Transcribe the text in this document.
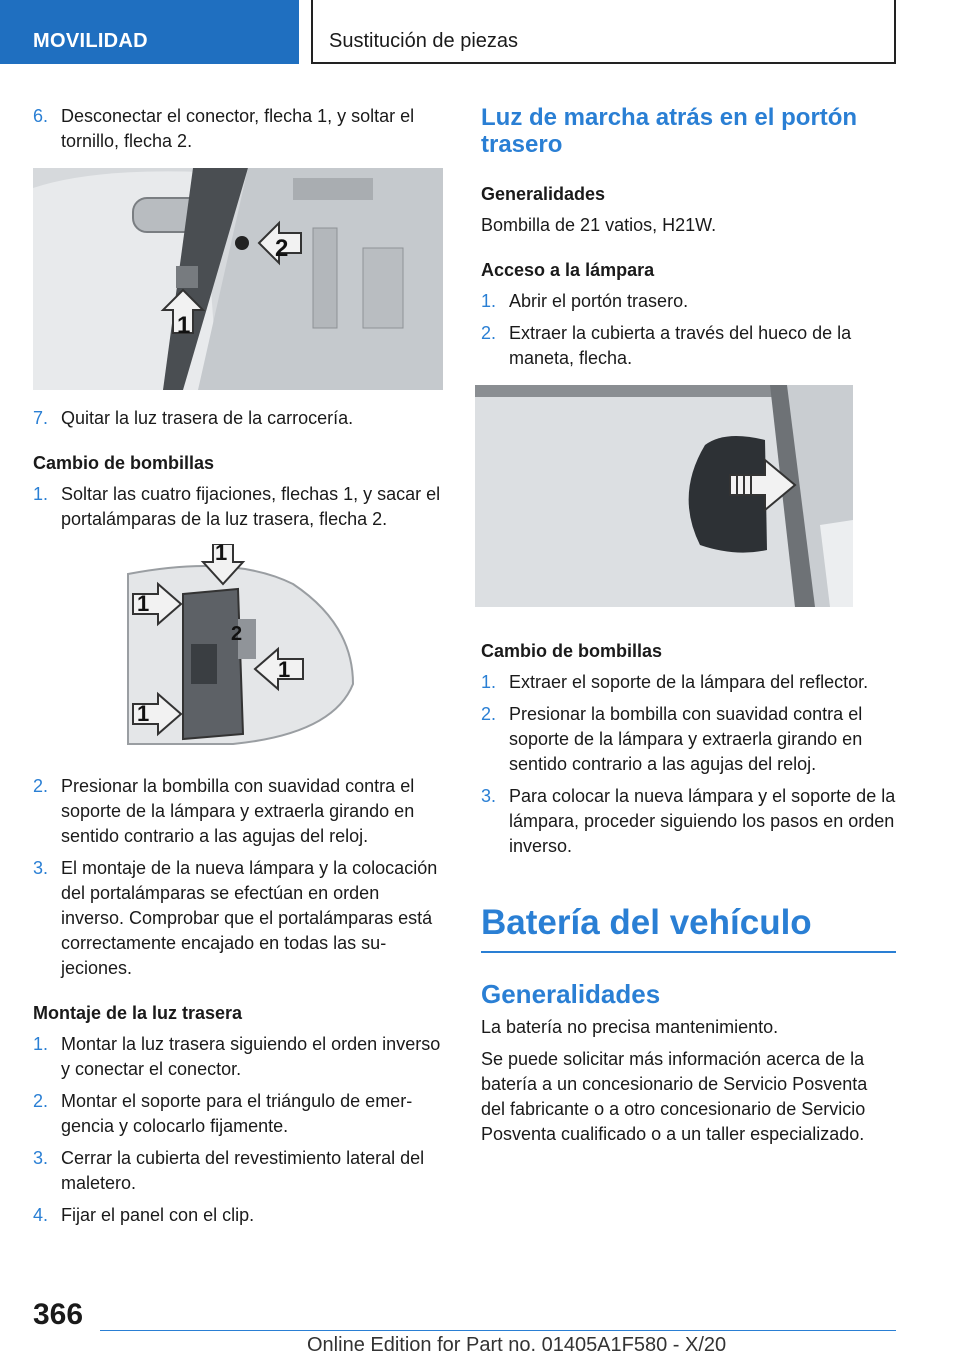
MOVILIDAD	Sustitución de piezas
6. Desconectar el conector, flecha 1, y soltar el tornillo, flecha 2.
2
1
7. Quitar la luz trasera de la carrocería.
Cambio de bombillas
1. Soltar las cuatro fijaciones, flechas 1, y sacar el portalámparas de la luz trasera, flecha 2.
1
1
1
1
2
2. Presionar la bombilla con suavidad contra el soporte de la lámpara y extraerla girando en sentido contrario a las agujas del reloj.
3. El montaje de la nueva lámpara y la colocación del portalámparas se efectúan en orden inverso. Comprobar que el portalámparas está correctamente encajado en todas las sujeciones.
Montaje de la luz trasera
1. Montar la luz trasera siguiendo el orden inverso y conectar el conector.
2. Montar el soporte para el triángulo de emergencia y colocarlo fijamente.
3. Cerrar la cubierta del revestimiento lateral del maletero.
4. Fijar el panel con el clip.
Luz de marcha atrás en el portón trasero
Generalidades

Bombilla de 21 vatios, H21W.

Acceso a la lámpara
1. Abrir el portón trasero.
2. Extraer la cubierta a través del hueco de la maneta, flecha.
Cambio de bombillas
1. Extraer el soporte de la lámpara del reflector.
2. Presionar la bombilla con suavidad contra el soporte de la lámpara y extraerla girando en sentido contrario a las agujas del reloj.
3. Para colocar la nueva lámpara y el soporte de la lámpara, proceder siguiendo los pasos en orden inverso.
Batería del vehículo
Generalidades

La batería no precisa mantenimiento.

Se puede solicitar más información acerca de la batería a un concesionario de Servicio Posventa del fabricante o a otro concesionario de Servicio Posventa cualificado o a un taller especializado.

366
Online Edition for Part no. 01405A1F580 - X/20
